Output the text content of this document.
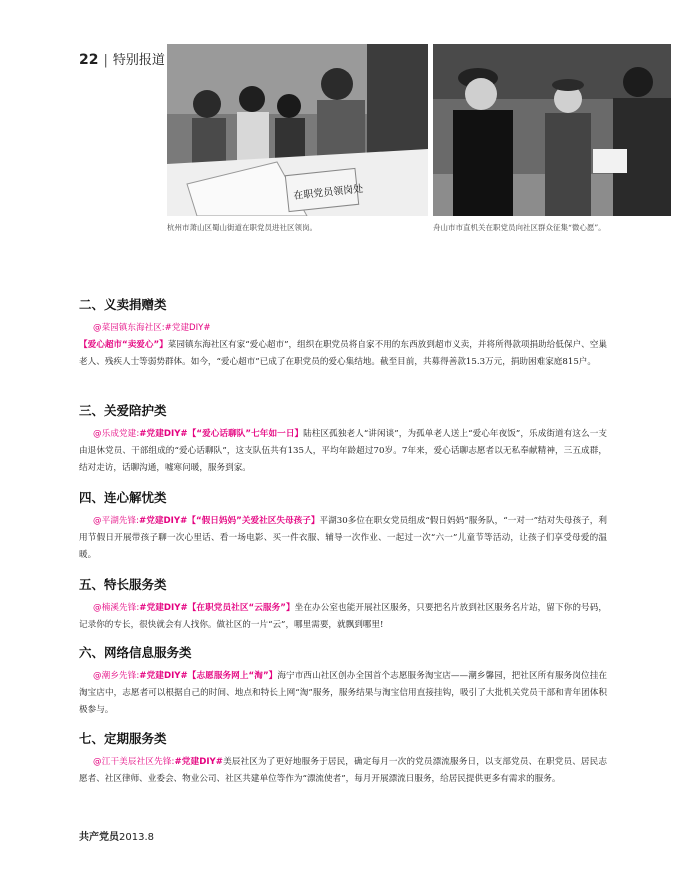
22 | 特别报道
在职党员领岗处
杭州市萧山区蜀山街道在职党员进社区领岗。	舟山市市直机关在职党员向社区群众征集“微心愿”。
二、义卖捐赠类

@菜园镇东海社区:#党建DIY#
【爱心超市“卖爱心”】菜园镇东海社区有家“爱心超市”，组织在职党员将自家不用的东西放到超市义卖，并将所得款项捐助给低保户、空巢老人、残疾人士等弱势群体。如今，“爱心超市”已成了在职党员的爱心集结地。截至目前，共募得善款15.3万元，捐助困难家庭815户。

三、关爱陪护类

@乐成党建:#党建DIY#【“爱心话聊队”七年如一日】陆柱区孤独老人“讲闲谈”，为孤单老人送上“爱心年夜饭”，乐成街道有这么一支由退休党员、干部组成的“爱心话聊队”，这支队伍共有135人，平均年龄超过70岁。7年来，爱心话聊志愿者以无私奉献精神，三五成群，结对走访，话聊沟通，嘘寒问暖，服务到家。

四、连心解忧类

@平湖先锋:#党建DIY#【“假日妈妈”关爱社区失母孩子】平湖30多位在职女党员组成“假日妈妈”服务队，“一对一”结对失母孩子，利用节假日开展带孩子聊一次心里话、看一场电影、买一件衣服、辅导一次作业、一起过一次“六一”儿童节等活动，让孩子们享受母爱的温暖。

五、特长服务类

@楠溪先锋:#党建DIY#【在职党员社区“云服务”】坐在办公室也能开展社区服务，只要把名片放到社区服务名片站，留下你的号码，记录你的专长，很快就会有人找你。做社区的一片“云”，哪里需要，就飘到哪里!

六、网络信息服务类

@潮乡先锋:#党建DIY#【志愿服务网上“淘”】海宁市西山社区创办全国首个志愿服务淘宝店——潮乡馨园，把社区所有服务岗位挂在淘宝店中，志愿者可以根据自己的时间、地点和特长上网“淘”服务，服务结果与淘宝信用直接挂钩，吸引了大批机关党员干部和青年团体积极参与。

七、定期服务类

@江干美辰社区先锋:#党建DIY#美辰社区为了更好地服务于居民，确定每月一次的党员漂流服务日，以支部党员、在职党员、居民志愿者、社区律师、业委会、物业公司、社区共建单位等作为“漂流使者”，每月开展漂流日服务，给居民提供更多有需求的服务。

共产党员2013.8
